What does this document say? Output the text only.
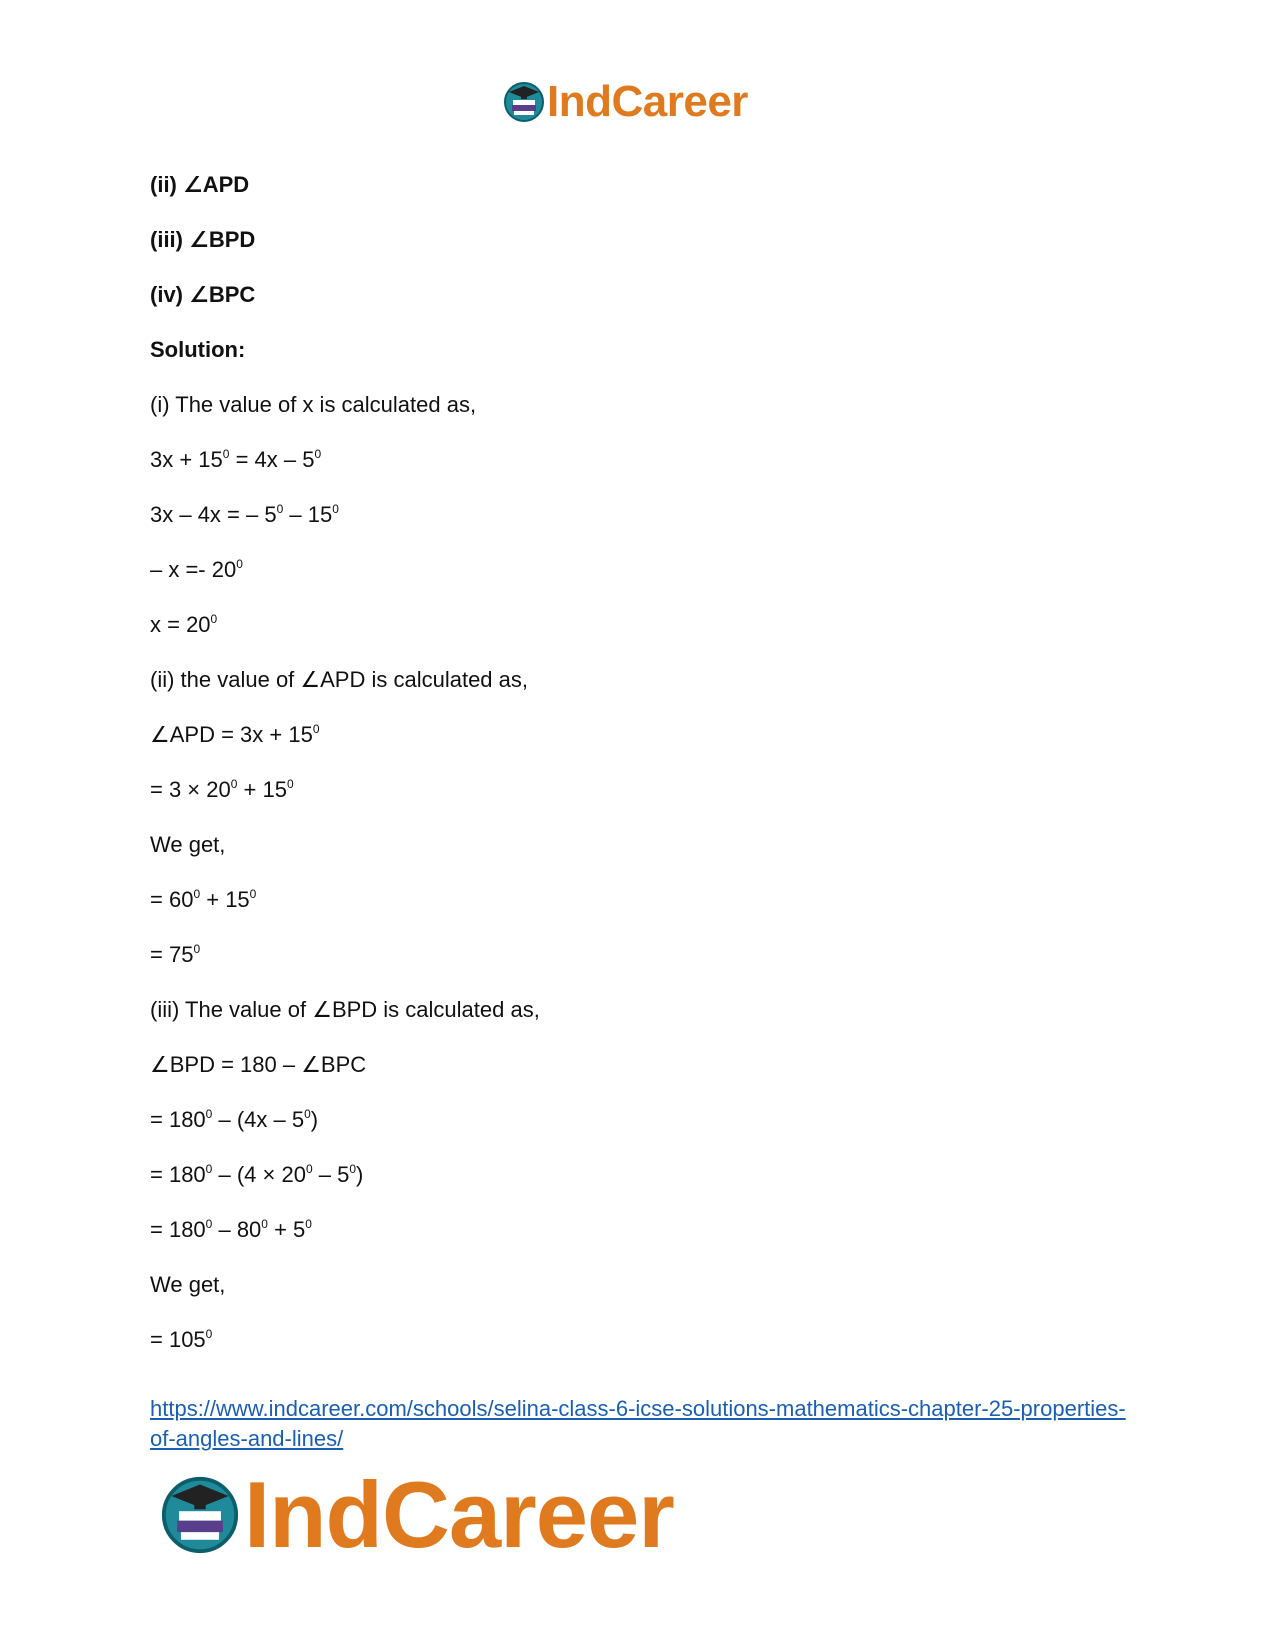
IndCareer
(ii) ∠APD
(iii) ∠BPD
(iv) ∠BPC
Solution:
(i) The value of x is calculated as,
$3x + 15^0 = 4x - 5^0$
3x – 4x = – $5^0 - 15^0$
– $x =- 20^0$
$x = 20^0$
(ii) the value of ∠APD is calculated as,
∠APD = $3x + 15^0$
= $3 \times 20^0 + 15^0$
We get,
= $60^0 + 15^0$
= $75^0$
(iii) The value of ∠BPD is calculated as,
∠BPD = 180 – ∠BPC
= $180^0 - (4x - 5^0)$
= $180^0 - (4 \times 20^0 - 5^0)$
= $180^0 - 80^0 + 5^0$
We get,
= $105^0$
https://www.indcareer.com/schools/selina-class-6-icse-solutions-mathematics-chapter-25-properties-of-angles-and-lines/
IndCareer
